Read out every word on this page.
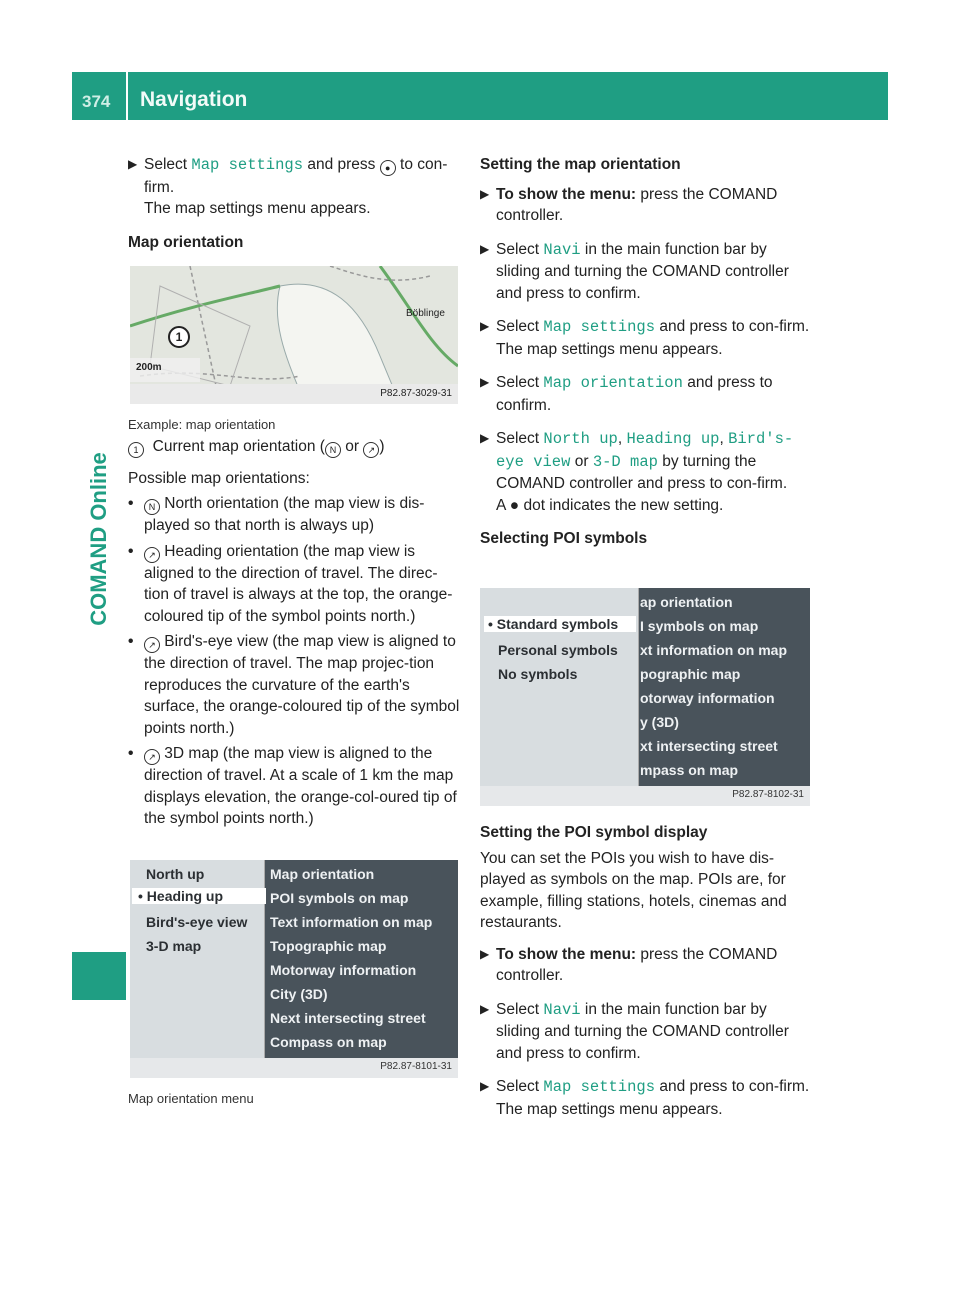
374 Navigation
COMAND Online
▶ Select Map settings and press ● to con-firm.
The map settings menu appears.
Map orientation
200m
Böblinge
1
P82.87-3029-31
Example: map orientation
1 Current map orientation ( N or ↗ )
Possible map orientations:
• N North orientation (the map view is dis-played so that north is always up)
• ↗ Heading orientation (the map view is aligned to the direction of travel. The direc-tion of travel is always at the top, the orange-coloured tip of the symbol points north.)
• ↗ Bird's-eye view (the map view is aligned to the direction of travel. The map projec-tion reproduces the curvature of the earth's surface, the orange-coloured tip of the symbol points north.)
• ↗ 3D map (the map view is aligned to the direction of travel. At a scale of 1 km the map displays elevation, the orange-col-oured tip of the symbol points north.)
North up
• Heading up
Bird's-eye view
3-D map
Map orientation
POI symbols on map
Text information on map
Topographic map
Motorway information
City (3D)
Next intersecting street
Compass on map
P82.87-8101-31
Map orientation menu
Setting the map orientation
▶ To show the menu: press the COMAND controller.
▶ Select Navi in the main function bar by sliding and turning the COMAND controller and press to confirm.
▶ Select Map settings and press to con-firm.
The map settings menu appears.
▶ Select Map orientation and press to confirm.
▶ Select North up, Heading up, Bird's-eye view or 3-D map by turning the COMAND controller and press to con-firm.
A ● dot indicates the new setting.
Selecting POI symbols
• Standard symbols
Personal symbols
No symbols
ap orientation
I symbols on map
xt information on map
pographic map
otorway information
y (3D)
xt intersecting street
mpass on map
P82.87-8102-31
Setting the POI symbol display
You can set the POIs you wish to have dis-played as symbols on the map. POIs are, for example, filling stations, hotels, cinemas and restaurants.
▶ To show the menu: press the COMAND controller.
▶ Select Navi in the main function bar by sliding and turning the COMAND controller and press to confirm.
▶ Select Map settings and press to con-firm.
The map settings menu appears.
